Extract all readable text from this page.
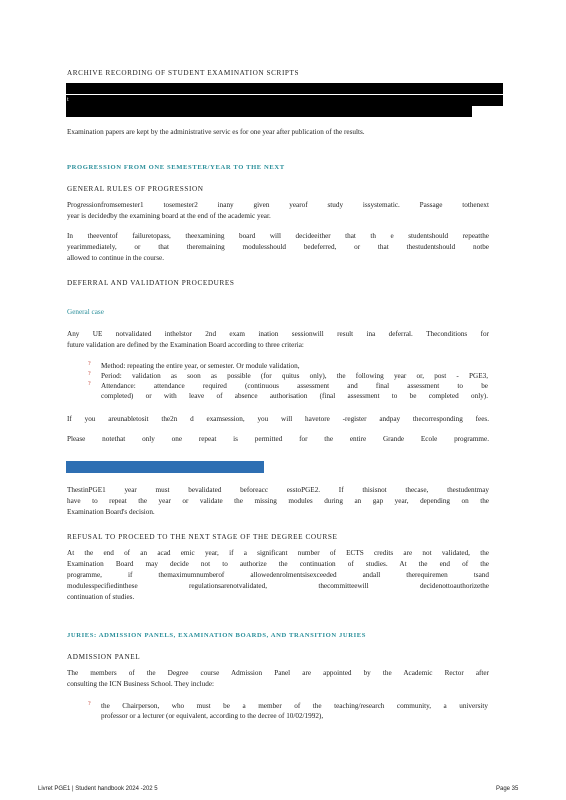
ARCHIVE RECORDING OF STUDENT EXAMINATION SCRIPTS
t
Examination papers are kept by the administrative servic es for one year after publication of the results.
PROGRESSION FROM ONE SEMESTER/YEAR TO THE NEXT
GENERAL RULES OF PROGRESSION
Progressionfromsemester1 tosemester2 inany given yearof study issystematic. Passage tothenext
year is decidedby the examining board at the end of the academic year.
In theeventof failuretopass, theexamining board will decideeither that th e studentshould repeatthe
yearimmediately, or that theremaining modulesshould bedeferred, or that thestudentshould notbe
allowed to continue in the course.
DEFERRAL AND VALIDATION PROCEDURES
General case
Any UE notvalidated inthelstor 2nd exam ination sessionwill result ina deferral. Theconditions for
future validation are defined by the Examination Board according to three criteria:
? Method: repeating the entire year, or semester. Or module validation,
? Period: validation as soon as possible (for quitus only), the following year or, post - PGE3,
? Attendance: attendance required (continuous assessment and final assessment to be
completed) or with leave of absence authorisation (final assessment to be completed only).
If you areunabletosit the2n d examsession, you will havetore -register andpay thecorresponding fees.
Please notethat only one repeat is permitted for the entire Grande Ecole programme.
ThestinPGE1 year must bevalidated beforeacc esstoPGE2. If thisisnot thecase, thestudentmay
have to repeat the year or validate the missing modules during an gap year, depending on the
Examination Board's decision.
REFUSAL TO PROCEED TO THE NEXT STAGE OF THE DEGREE COURSE
At the end of an acad emic year, if a significant number of ECTS credits are not validated, the
Examination Board may decide not to authorize the continuation of studies. At the end of the
programme, if themaximumnumberof allowedenrolmentsisexceeded andall therequiremen tsand
modulesspecifiedinthese regulationsarenotvalidated, thecommitteewill decidenottoauthorizethe
continuation of studies.
JURIES: ADMISSION PANELS, EXAMINATION BOARDS, AND TRANSITION JURIES
ADMISSION PANEL
The members of the Degree course Admission Panel are appointed by the Academic Rector after
consulting the ICN Business School. They include:
? the Chairperson, who must be a member of the teaching/research community, a university
professor or a lecturer (or equivalent, according to the decree of 10/02/1992),
Livret PGE1 | Student handbook 2024 -202 5	Page 35
